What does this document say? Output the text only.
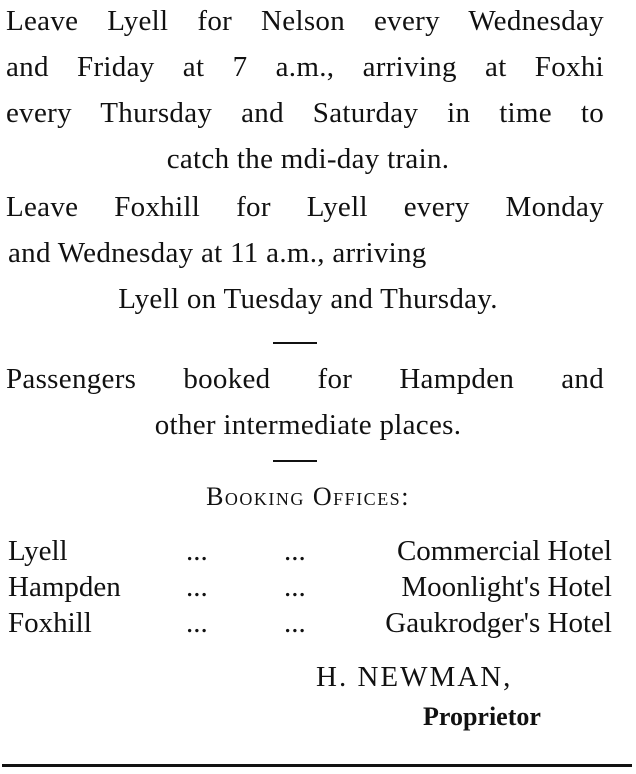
Leave Lyell for Nelson every Wednesday
and Friday at 7 a.m., arriving at Foxhi
every Thursday and Saturday in time to
catch the mdi-day train.
Leave Foxhill for Lyell every Monday
and Wednesday at 11 a.m., arriving
Lyell on Tuesday and Thursday.
Passengers booked for Hampden and
other intermediate places.
Booking Offices:
Lyell	...	...	Commercial Hotel
Hampden ...	...	Moonlight's Hotel
Foxhill	...	...	Gaukrodger's Hotel
H. NEWMAN,
Proprietor
